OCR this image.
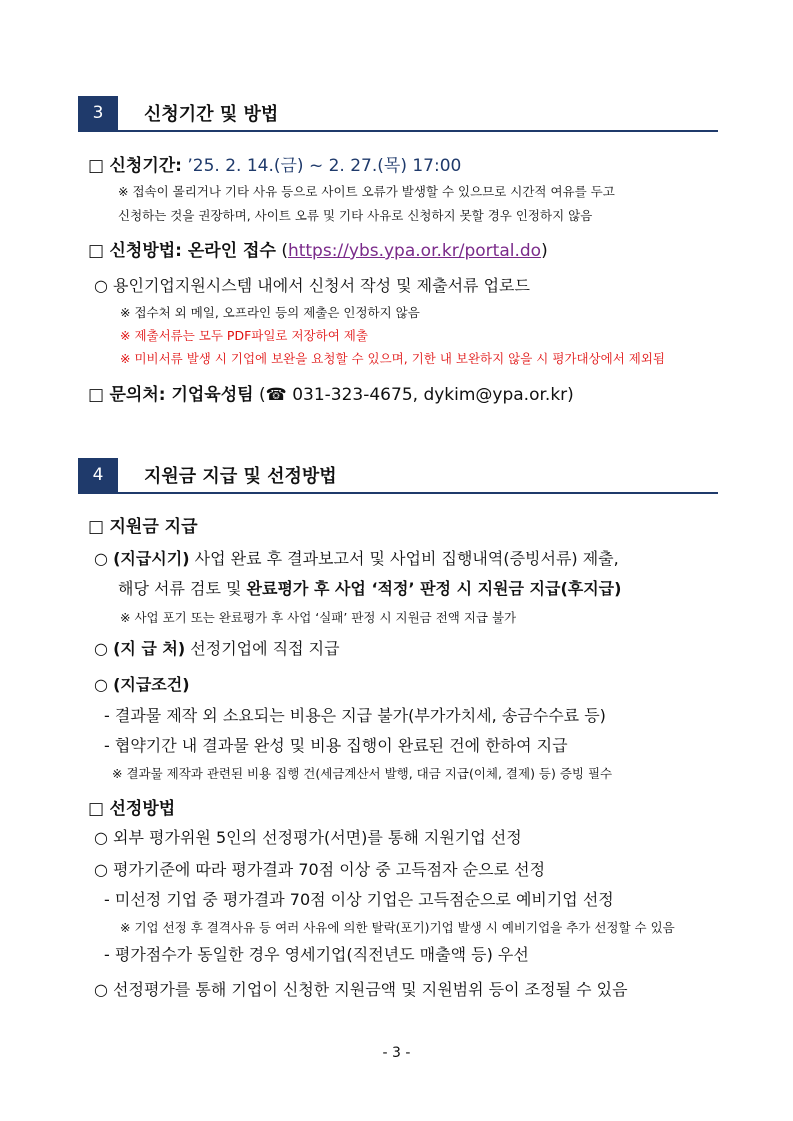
3	신청기간 및 방법
□ 신청기간: ’25. 2. 14.(금) ~ 2. 27.(목) 17:00
※ 접속이 몰리거나 기타 사유 등으로 사이트 오류가 발생할 수 있으므로 시간적 여유를 두고
신청하는 것을 권장하며, 사이트 오류 및 기타 사유로 신청하지 못할 경우 인정하지 않음
□ 신청방법: 온라인 접수 (https://ybs.ypa.or.kr/portal.do)
○ 용인기업지원시스템 내에서 신청서 작성 및 제출서류 업로드
※ 접수처 외 메일, 오프라인 등의 제출은 인정하지 않음
※ 제출서류는 모두 PDF파일로 저장하여 제출
※ 미비서류 발생 시 기업에 보완을 요청할 수 있으며, 기한 내 보완하지 않을 시 평가대상에서 제외됨
□ 문의처: 기업육성팀 (☎ 031-323-4675, dykim@ypa.or.kr)
4	지원금 지급 및 선정방법
□ 지원금 지급
○ (지급시기) 사업 완료 후 결과보고서 및 사업비 집행내역(증빙서류) 제출,
해당 서류 검토 및 완료평가 후 사업 ‘적정’ 판정 시 지원금 지급(후지급)
※ 사업 포기 또는 완료평가 후 사업 ‘실패’ 판정 시 지원금 전액 지급 불가
○ (지 급 처) 선정기업에 직접 지급
○ (지급조건)
- 결과물 제작 외 소요되는 비용은 지급 불가(부가가치세, 송금수수료 등)
- 협약기간 내 결과물 완성 및 비용 집행이 완료된 건에 한하여 지급
※ 결과물 제작과 관련된 비용 집행 건(세금계산서 발행, 대금 지급(이체, 결제) 등) 증빙 필수
□ 선정방법
○ 외부 평가위원 5인의 선정평가(서면)를 통해 지원기업 선정
○ 평가기준에 따라 평가결과 70점 이상 중 고득점자 순으로 선정
- 미선정 기업 중 평가결과 70점 이상 기업은 고득점순으로 예비기업 선정
※ 기업 선정 후 결격사유 등 여러 사유에 의한 탈락(포기)기업 발생 시 예비기업을 추가 선정할 수 있음
- 평가점수가 동일한 경우 영세기업(직전년도 매출액 등) 우선
○ 선정평가를 통해 기업이 신청한 지원금액 및 지원범위 등이 조정될 수 있음
- 3 -
